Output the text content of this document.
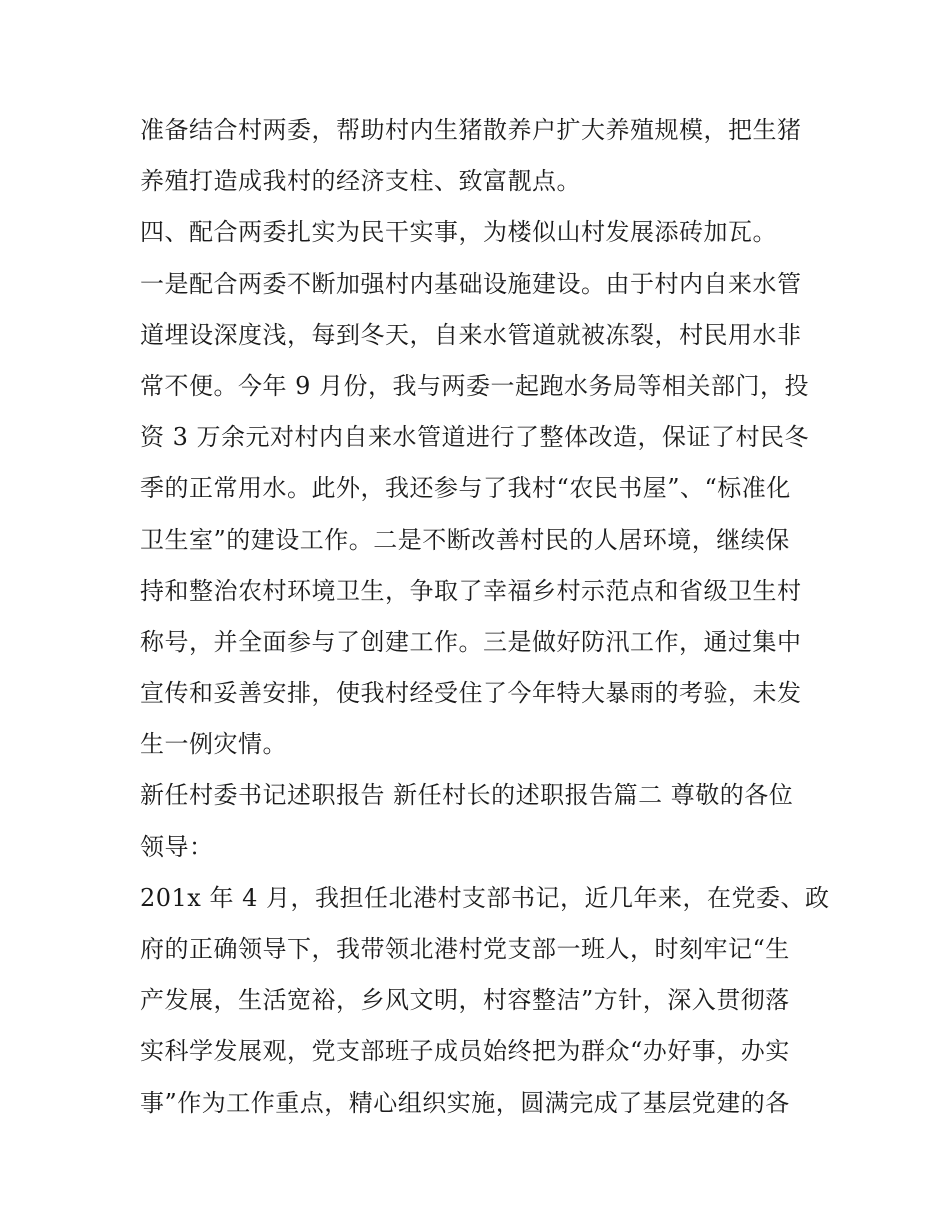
准备结合村两委，帮助村内生猪散养户扩大养殖规模，把生猪
养殖打造成我村的经济支柱、致富靓点。
四、配合两委扎实为民干实事，为楼似山村发展添砖加瓦。
一是配合两委不断加强村内基础设施建设。由于村内自来水管
道埋设深度浅，每到冬天，自来水管道就被冻裂，村民用水非
常不便。今年 9 月份，我与两委一起跑水务局等相关部门，投
资 3 万余元对村内自来水管道进行了整体改造，保证了村民冬
季的正常用水。此外，我还参与了我村“农民书屋”、“标准化
卫生室”的建设工作。二是不断改善村民的人居环境，继续保
持和整治农村环境卫生，争取了幸福乡村示范点和省级卫生村
称号，并全面参与了创建工作。三是做好防汛工作，通过集中
宣传和妥善安排，使我村经受住了今年特大暴雨的考验，未发
生一例灾情。
新任村委书记述职报告 新任村长的述职报告篇二 尊敬的各位
领导：
201x 年 4 月，我担任北港村支部书记，近几年来，在党委、政
府的正确领导下，我带领北港村党支部一班人，时刻牢记“生
产发展，生活宽裕，乡风文明，村容整洁”方针，深入贯彻落
实科学发展观，党支部班子成员始终把为群众“办好事，办实
事”作为工作重点，精心组织实施，圆满完成了基层党建的各
